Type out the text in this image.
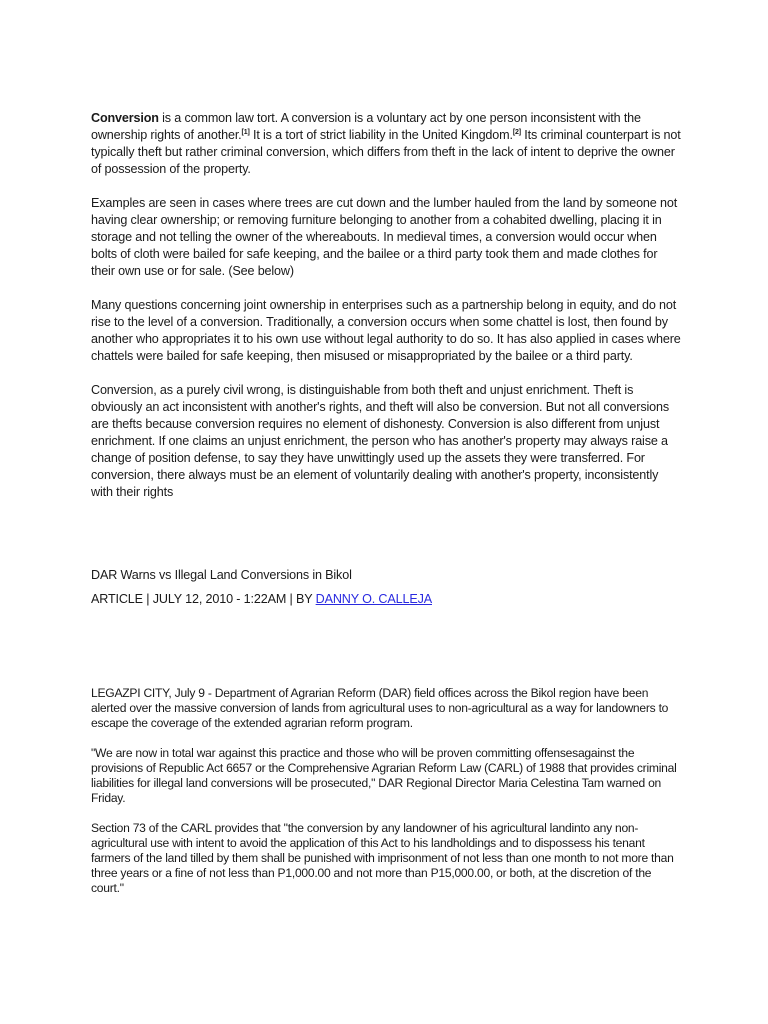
Conversion is a common law tort. A conversion is a voluntary act by one person inconsistent with the ownership rights of another.[1] It is a tort of strict liability in the United Kingdom.[2] Its criminal counterpart is not typically theft but rather criminal conversion, which differs from theft in the lack of intent to deprive the owner of possession of the property.

Examples are seen in cases where trees are cut down and the lumber hauled from the land by someone not having clear ownership; or removing furniture belonging to another from a cohabited dwelling, placing it in storage and not telling the owner of the whereabouts. In medieval times, a conversion would occur when bolts of cloth were bailed for safe keeping, and the bailee or a third party took them and made clothes for their own use or for sale. (See below)

Many questions concerning joint ownership in enterprises such as a partnership belong in equity, and do not rise to the level of a conversion. Traditionally, a conversion occurs when some chattel is lost, then found by another who appropriates it to his own use without legal authority to do so. It has also applied in cases where chattels were bailed for safe keeping, then misused or misappropriated by the bailee or a third party.

Conversion, as a purely civil wrong, is distinguishable from both theft and unjust enrichment. Theft is obviously an act inconsistent with another's rights, and theft will also be conversion. But not all conversions are thefts because conversion requires no element of dishonesty. Conversion is also different from unjust enrichment. If one claims an unjust enrichment, the person who has another's property may always raise a change of position defense, to say they have unwittingly used up the assets they were transferred. For conversion, there always must be an element of voluntarily dealing with another's property, inconsistently with their rights

DAR Warns vs Illegal Land Conversions in Bikol

ARTICLE | JULY 12, 2010 - 1:22AM | BY DANNY O. CALLEJA

LEGAZPI CITY, July 9 - Department of Agrarian Reform (DAR) field offices across the Bikol region have been alerted over the massive conversion of lands from agricultural uses to non-agricultural as a way for landowners to escape the coverage of the extended agrarian reform program.

"We are now in total war against this practice and those who will be proven committing offensesagainst the provisions of Republic Act 6657 or the Comprehensive Agrarian Reform Law (CARL) of 1988 that provides criminal liabilities for illegal land conversions will be prosecuted," DAR Regional Director Maria Celestina Tam warned on Friday.

Section 73 of the CARL provides that "the conversion by any landowner of his agricultural landinto any non-agricultural use with intent to avoid the application of this Act to his landholdings and to dispossess his tenant farmers of the land tilled by them shall be punished with imprisonment of not less than one month to not more than three years or a fine of not less than P1,000.00 and not more than P15,000.00, or both, at the discretion of the court."
